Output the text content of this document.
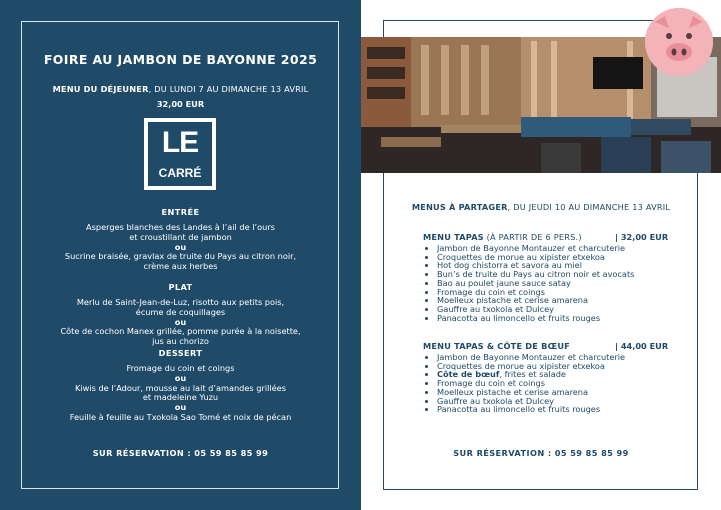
FOIRE AU JAMBON DE BAYONNE 2025
MENU DU DÉJEUNER, DU LUNDI 7 AU DIMANCHE 13 AVRIL
32,00 EUR
LE
CARRÉ
ENTRÉE
Asperges blanches des Landes à l’ail de l’ours
et croustillant de jambon
ou
Sucrine braisée, gravlax de truite du Pays au citron noir,
crème aux herbes
PLAT
Merlu de Saint-Jean-de-Luz, risotto aux petits pois,
écume de coquillages
ou
Côte de cochon Manex grillée, pomme purée à la noisette,
jus au chorizo
DESSERT
Fromage du coin et coings
ou
Kiwis de l’Adour, mousse au lait d’amandes grillées
et madeleine Yuzu
ou
Feuille à feuille au Txokola Sao Tomé et noix de pécan
SUR RÉSERVATION : 05 59 85 85 99
MENUS À PARTAGER, DU JEUDI 10 AU DIMANCHE 13 AVRIL
MENU TAPAS (À PARTIR DE 6 PERS.)	| 32,00 EUR
• Jambon de Bayonne Montauzer et charcuterie
• Croquettes de morue au xipister etxekoa
• Hot dog chistorra et savora au miel
• Bun’s de truite du Pays au citron noir et avocats
• Bao au poulet jaune sauce satay
• Fromage du coin et coings
• Moelleux pistache et cerise amarena
• Gauffre au txokola et Dulcey
• Panacotta au limoncello et fruits rouges
MENU TAPAS & CÔTE DE BŒUF	| 44,00 EUR
• Jambon de Bayonne Montauzer et charcuterie
• Croquettes de morue au xipister etxekoa
• Côte de bœuf, frites et salade
• Fromage du coin et coings
• Moelleux pistache et cerise amarena
• Gauffre au txokola et Dulcey
• Panacotta au limoncello et fruits rouges
SUR RÉSERVATION : 05 59 85 85 99
